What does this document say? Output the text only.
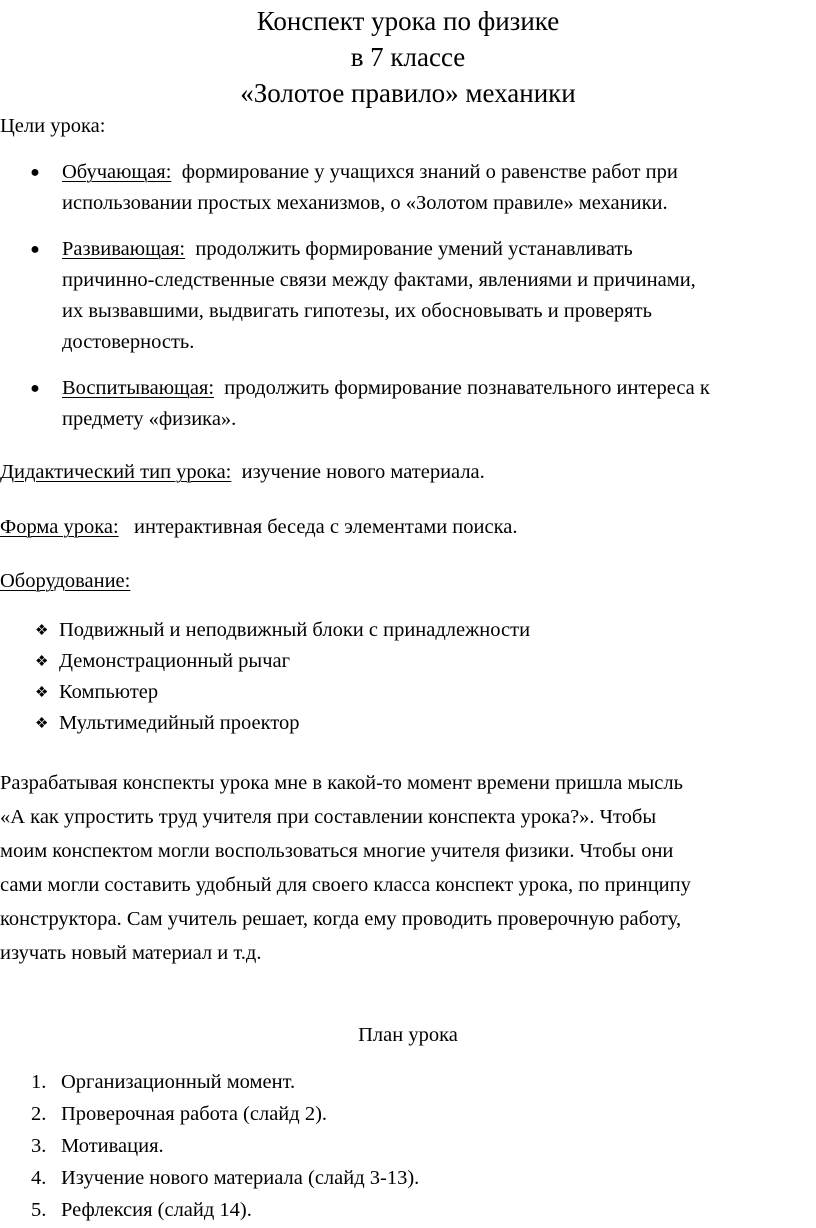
Конспект урока по физике
в 7 классе
«Золотое правило» механики
Цели урока:
● Обучающая: формирование у учащихся знаний о равенстве работ при

использовании простых механизмов, о «Золотом правиле» механики.

● Развивающая: продолжить формирование умений устанавливать

причинно-следственные связи между фактами, явлениями и причинами,

их вызвавшими, выдвигать гипотезы, их обосновывать и проверять

достоверность.

● Воспитывающая: продолжить формирование познавательного интереса к

предмету «физика».

Дидактический тип урока: изучение нового материала.
Форма урока: интерактивная беседа с элементами поиска.
Оборудование:
❖ Подвижный и неподвижный блоки с принадлежности
❖ Демонстрационный рычаг
❖ Компьютер
❖ Мультимедийный проектор
Разрабатывая конспекты урока мне в какой-то момент времени пришла мысль
«А как упростить труд учителя при составлении конспекта урока?». Чтобы
моим конспектом могли воспользоваться многие учителя физики. Чтобы они
сами могли составить удобный для своего класса конспект урока, по принципу
конструктора. Сам учитель решает, когда ему проводить проверочную работу,
изучать новый материал и т.д.
План урока
1. Организационный момент.
2. Проверочная работа (слайд 2).
3. Мотивация.
4. Изучение нового материала (слайд 3-13).
5. Рефлексия (слайд 14).
